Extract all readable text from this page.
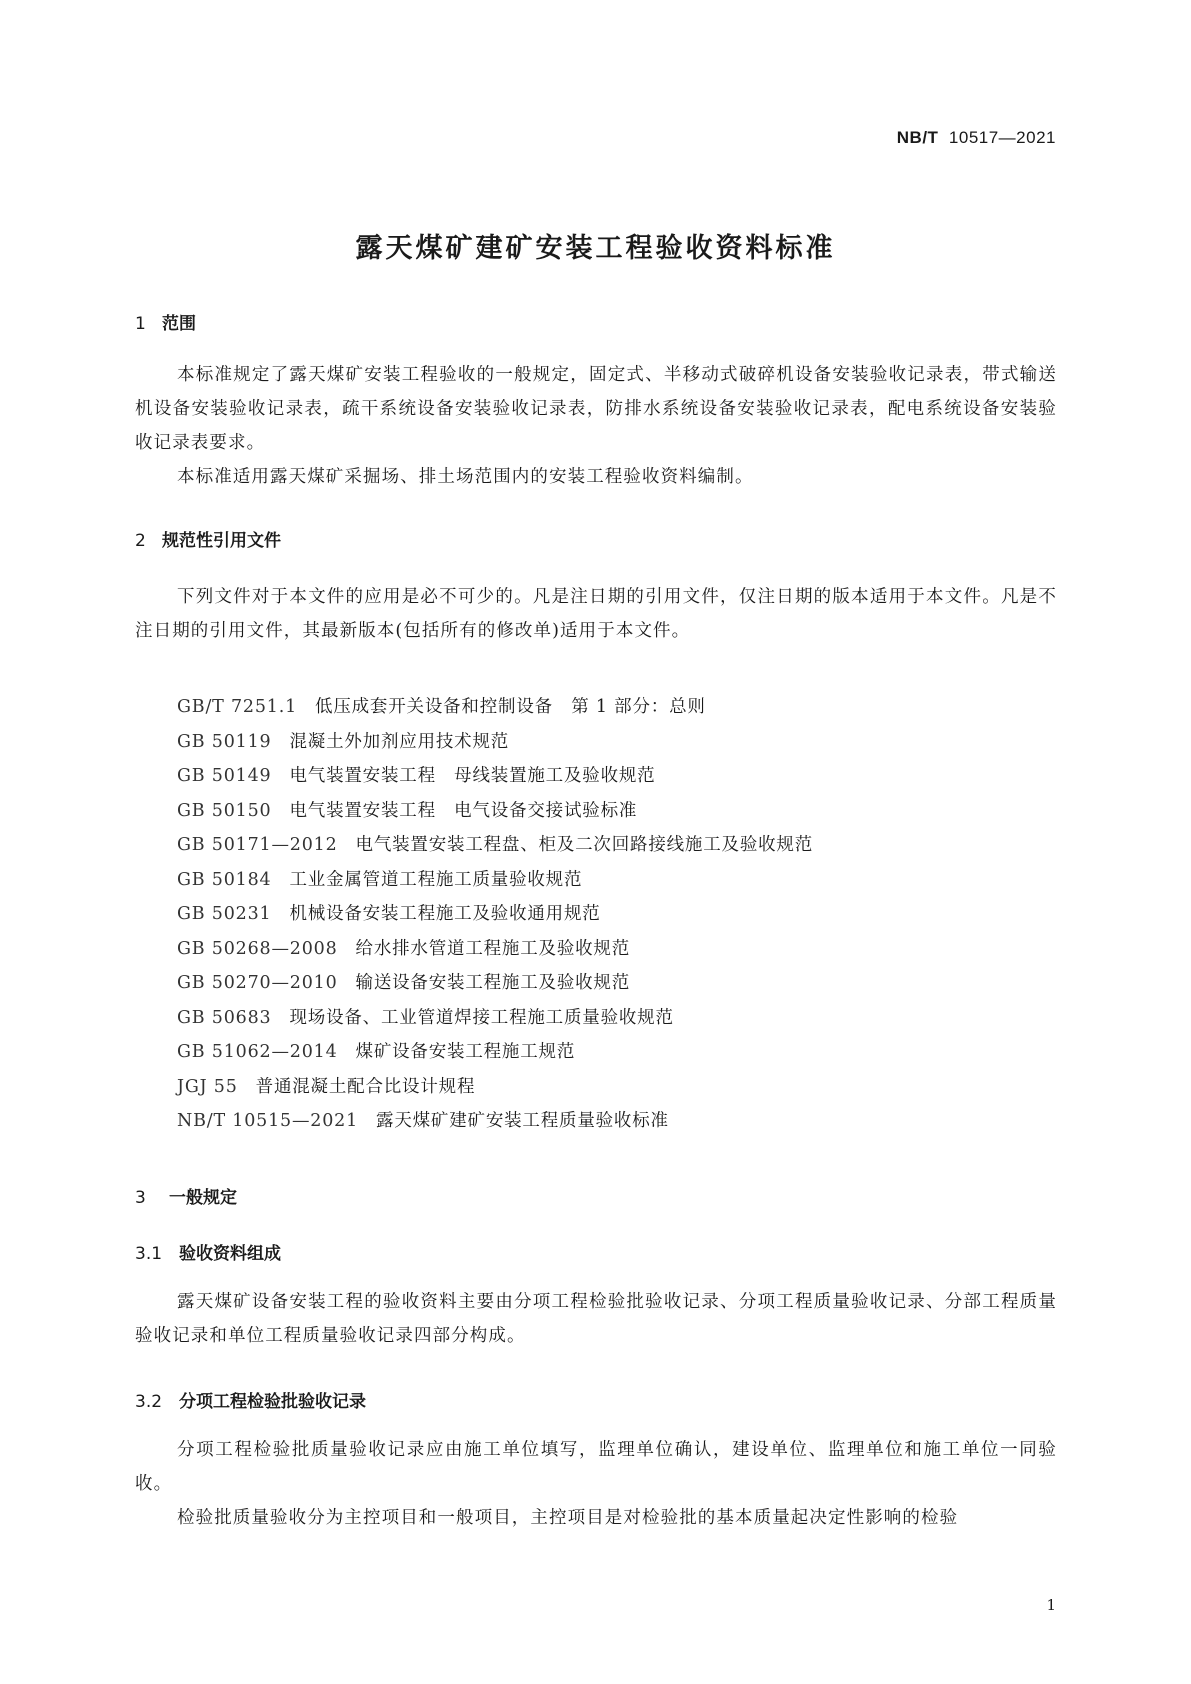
NB/T 10517—2021
露天煤矿建矿安装工程验收资料标准
1 范围

本标准规定了露天煤矿安装工程验收的一般规定，固定式、半移动式破碎机设备安装验收记录表，带式输送机设备安装验收记录表，疏干系统设备安装验收记录表，防排水系统设备安装验收记录表，配电系统设备安装验收记录表要求。

本标准适用露天煤矿采掘场、排土场范围内的安装工程验收资料编制。

2 规范性引用文件

下列文件对于本文件的应用是必不可少的。凡是注日期的引用文件，仅注日期的版本适用于本文件。凡是不注日期的引用文件，其最新版本(包括所有的修改单)适用于本文件。

GB/T 7251.1 低压成套开关设备和控制设备　第 1 部分：总则
GB 50119 混凝土外加剂应用技术规范
GB 50149 电气装置安装工程　母线装置施工及验收规范
GB 50150 电气装置安装工程　电气设备交接试验标准
GB 50171—2012 电气装置安装工程盘、柜及二次回路接线施工及验收规范
GB 50184 工业金属管道工程施工质量验收规范
GB 50231 机械设备安装工程施工及验收通用规范
GB 50268—2008 给水排水管道工程施工及验收规范
GB 50270—2010 输送设备安装工程施工及验收规范
GB 50683 现场设备、工业管道焊接工程施工质量验收规范
GB 51062—2014 煤矿设备安装工程施工规范
JGJ 55 普通混凝土配合比设计规程
NB/T 10515—2021 露天煤矿建矿安装工程质量验收标准
3 一般规定
3.1 验收资料组成

露天煤矿设备安装工程的验收资料主要由分项工程检验批验收记录、分项工程质量验收记录、分部工程质量验收记录和单位工程质量验收记录四部分构成。

3.2 分项工程检验批验收记录

分项工程检验批质量验收记录应由施工单位填写，监理单位确认，建设单位、监理单位和施工单位一同验收。

检验批质量验收分为主控项目和一般项目，主控项目是对检验批的基本质量起决定性影响的检验

1
